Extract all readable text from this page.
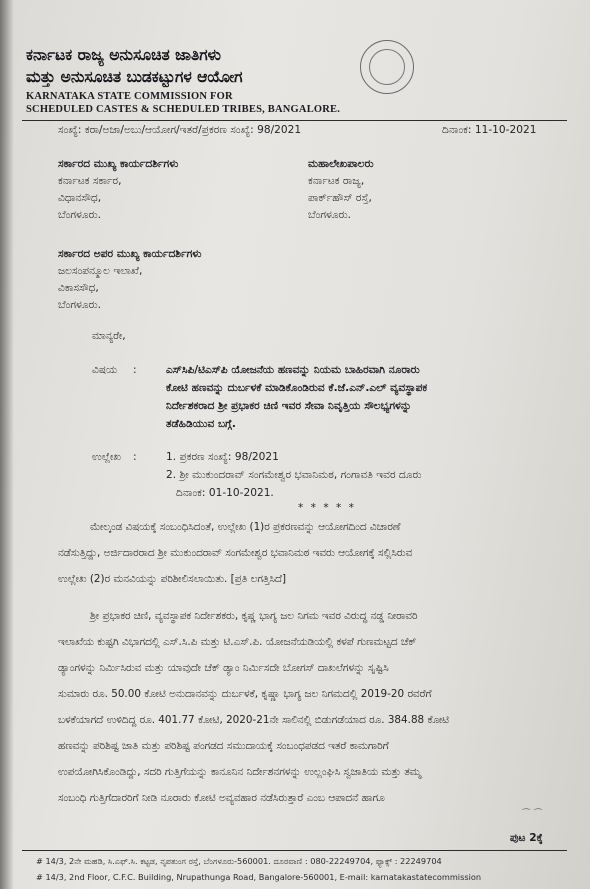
ಕರ್ನಾಟಕ ರಾಜ್ಯ ಅನುಸೂಚಿತ ಜಾತಿಗಳು
ಮತ್ತು ಅನುಸೂಚಿತ ಬುಡಕಟ್ಟುಗಳ ಆಯೋಗ
KARNATAKA STATE COMMISSION FOR
SCHEDULED CASTES & SCHEDULED TRIBES, BANGALORE.
ಸಂಖ್ಯೆ: ಕರಾ/ಅಜಾ/ಅಬು/ಆಯೋಗ/ಇತರೆ/ಪ್ರಕರಣ ಸಂಖ್ಯೆ: 98/2021	ದಿನಾಂಕ: 11-10-2021
ಸರ್ಕಾರದ ಮುಖ್ಯ ಕಾರ್ಯದರ್ಶಿಗಳು
ಕರ್ನಾಟಕ ಸರ್ಕಾರ,
ವಿಧಾನಸೌಧ,
ಬೆಂಗಳೂರು.
ಮಹಾಲೇಖಪಾಲರು
ಕರ್ನಾಟಕ ರಾಜ್ಯ,
ಪಾರ್ಕ್‌ಹೌಸ್ ರಸ್ತೆ,
ಬೆಂಗಳೂರು.
ಸರ್ಕಾರದ ಅಪರ ಮುಖ್ಯ ಕಾರ್ಯದರ್ಶಿಗಳು
ಜಲಸಂಪನ್ಮೂಲ ಇಲಾಖೆ,
ವಿಕಾಸಸೌಧ,
ಬೆಂಗಳೂರು.
ಮಾನ್ಯರೇ,
ವಿಷಯ :	ಎಸ್‌ಸಿಪಿ/ಟಿಎಸ್‌ಪಿ ಯೋಜನೆಯ ಹಣವನ್ನು ನಿಯಮ ಬಾಹಿರವಾಗಿ ನೂರಾರು
ಕೋಟಿ ಹಣವನ್ನು ದುರ್ಬಳಕೆ ಮಾಡಿಕೊಂಡಿರುವ ಕೆ.ಜೆ.ಎನ್.ಎಲ್ ವ್ಯವಸ್ಥಾಪಕ
ನಿರ್ದೇಶಕರಾದ ಶ್ರೀ ಪ್ರಭಾಕರ ಚಿಣಿ ಇವರ ಸೇವಾ ನಿವೃತ್ತಿಯ ಸೌಲಭ್ಯಗಳನ್ನು
ತಡೆಹಿಡಿಯುವ ಬಗ್ಗೆ.
ಉಲ್ಲೇಖ :	1. ಪ್ರಕರಣ ಸಂಖ್ಯೆ: 98/2021
2. ಶ್ರೀ ಮುಕುಂದರಾವ್ ಸಂಗಮೇಶ್ವರ ಭವಾನಿಮಠ, ಗಂಗಾವತಿ ಇವರ ದೂರು
ದಿನಾಂಕ: 01-10-2021.
* * * * *
ಮೇಲ್ಕಂಡ ವಿಷಯಕ್ಕೆ ಸಂಬಂಧಿಸಿದಂತೆ, ಉಲ್ಲೇಖ (1)ರ ಪ್ರಕರಣವನ್ನು ಆಯೋಗದಿಂದ ವಿಚಾರಣೆ
ನಡೆಸುತ್ತಿದ್ದು, ಅರ್ಜಿದಾರರಾದ ಶ್ರೀ ಮುಕುಂದರಾವ್ ಸಂಗಮೇಶ್ವರ ಭವಾನಿಮಠ ಇವರು ಆಯೋಗಕ್ಕೆ ಸಲ್ಲಿಸಿರುವ
ಉಲ್ಲೇಖ (2)ರ ಮನವಿಯನ್ನು ಪರಿಶೀಲಿಸಲಾಯಿತು. [ಪ್ರತಿ ಲಗತ್ತಿಸಿದೆ]
ಶ್ರೀ ಪ್ರಭಾಕರ ಚಿಣಿ, ವ್ಯವಸ್ಥಾಪಕ ನಿರ್ದೇಶಕರು, ಕೃಷ್ಣ ಭಾಗ್ಯ ಜಲ ನಿಗಮ ಇವರ ವಿರುದ್ಧ ನಡ್ಡ ನೀರಾವರಿ
ಇಲಾಖೆಯ ಕುಷ್ಟಗಿ ವಿಭಾಗದಲ್ಲಿ ಎಸ್.ಸಿ.ಪಿ ಮತ್ತು ಟಿ.ಎಸ್.ಪಿ. ಯೋಜನೆಯಡಿಯಲ್ಲಿ ಕಳಪೆ ಗುಣಮಟ್ಟದ ಚೆಕ್
ಡ್ಯಾಂಗಳನ್ನು ನಿರ್ಮಿಸಿರುವ ಮತ್ತು ಯಾವುದೇ ಚೆಕ್ ಡ್ಯಾಂ ನಿರ್ಮಿಸದೇ ಬೋಗಸ್ ದಾಖಲೆಗಳನ್ನು ಸೃಷ್ಟಿಸಿ
ಸುಮಾರು ರೂ. 50.00 ಕೋಟಿ ಅನುದಾನವನ್ನು ದುರ್ಬಳಕೆ, ಕೃಷ್ಣಾ ಭಾಗ್ಯ ಜಲ ನಿಗಮದಲ್ಲಿ 2019-20 ರವರೆಗೆ
ಬಳಕೆಯಾಗದೆ ಉಳಿದಿದ್ದ ರೂ. 401.77 ಕೋಟಿ, 2020-21ನೇ ಸಾಲಿನಲ್ಲಿ ಬಿಡುಗಡೆಯಾದ ರೂ. 384.88 ಕೋಟಿ
ಹಣವನ್ನು ಪರಿಶಿಷ್ಟ ಜಾತಿ ಮತ್ತು ಪರಿಶಿಷ್ಟ ಪಂಗಡದ ಸಮುದಾಯಕ್ಕೆ ಸಂಬಂಧಪಡದ ಇತರೆ ಕಾಮಗಾರಿಗೆ
ಉಪಯೋಗಿಸಿಕೊಂಡಿದ್ದು, ಸದರಿ ಗುತ್ತಿಗೆಯನ್ನು ಕಾನೂನಿನ ನಿರ್ದೇಶನಗಳನ್ನು ಉಲ್ಲಂಘಿಸಿ ಸ್ವಜಾತಿಯ ಮತ್ತು ತಮ್ಮ
ಸಂಬಂಧಿ ಗುತ್ತಿಗೆದಾರರಿಗೆ ನೀಡಿ ನೂರಾರು ಕೋಟಿ ಅವ್ಯವಹಾರ ನಡೆಸಿರುತ್ತಾರೆ ಎಂಬ ಆಪಾದನೆ ಹಾಗೂ
⌒ ⌒
ಪುಟ 2ಕ್ಕೆ
# 14/3, 2ನೇ ಮಹಡಿ, ಸಿ.ಎಫ್.ಸಿ. ಕಟ್ಟಡ, ನೃಪತುಂಗ ರಸ್ತೆ, ಬೆಂಗಳೂರು-560001. ದೂರವಾಣಿ : 080-22249704, ಫ್ಯಾಕ್ಸ್ : 22249704
# 14/3, 2nd Floor, C.F.C. Building, Nrupathunga Road, Bangalore-560001, E-mail: karnatakastatecommission
